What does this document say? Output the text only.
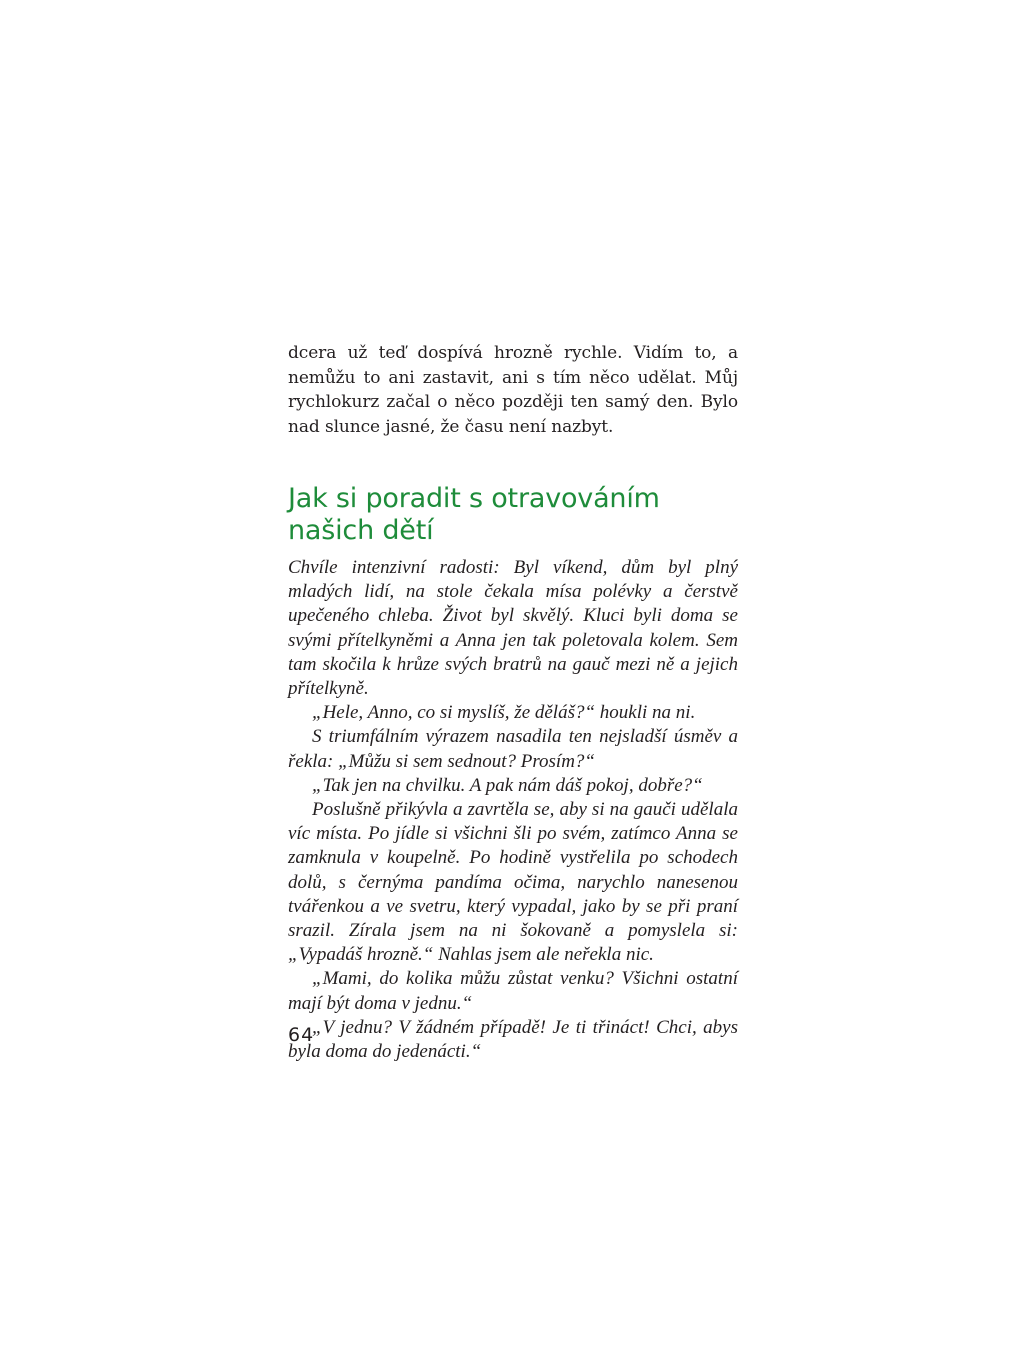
dcera už teď dospívá hrozně rychle. Vidím to, a nemůžu to ani zastavit, ani s tím něco udělat. Můj rychlokurz začal o něco později ten samý den. Bylo nad slunce jasné, že času není nazbyt.

Jak si poradit s otravováním našich dětí

Chvíle intenzivní radosti: Byl víkend, dům byl plný mladých lidí, na stole čekala mísa polévky a čerstvě upečeného chleba. Život byl skvělý. Kluci byli doma se svými přítelkyněmi a Anna jen tak poletovala kolem. Sem tam skočila k hrůze svých bratrů na gauč mezi ně a jejich přítelkyně.

„Hele, Anno, co si myslíš, že děláš?“ houkli na ni.

S triumfálním výrazem nasadila ten nejsladší úsměv a řekla: „Můžu si sem sednout? Prosím?“

„Tak jen na chvilku. A pak nám dáš pokoj, dobře?“

Poslušně přikývla a zavrtěla se, aby si na gauči udělala víc místa. Po jídle si všichni šli po svém, zatímco Anna se zamknula v koupelně. Po hodině vystřelila po schodech dolů, s černýma pandíma očima, narychlo nanesenou tvářenkou a ve svetru, který vypadal, jako by se při praní srazil. Zírala jsem na ni šokovaně a pomyslela si: „Vypadáš hrozně.“ Nahlas jsem ale neřekla nic.

„Mami, do kolika můžu zůstat venku? Všichni ostatní mají být doma v jednu.“

„V jednu? V žádném případě! Je ti třináct! Chci, abys byla doma do jedenácti.“

64
